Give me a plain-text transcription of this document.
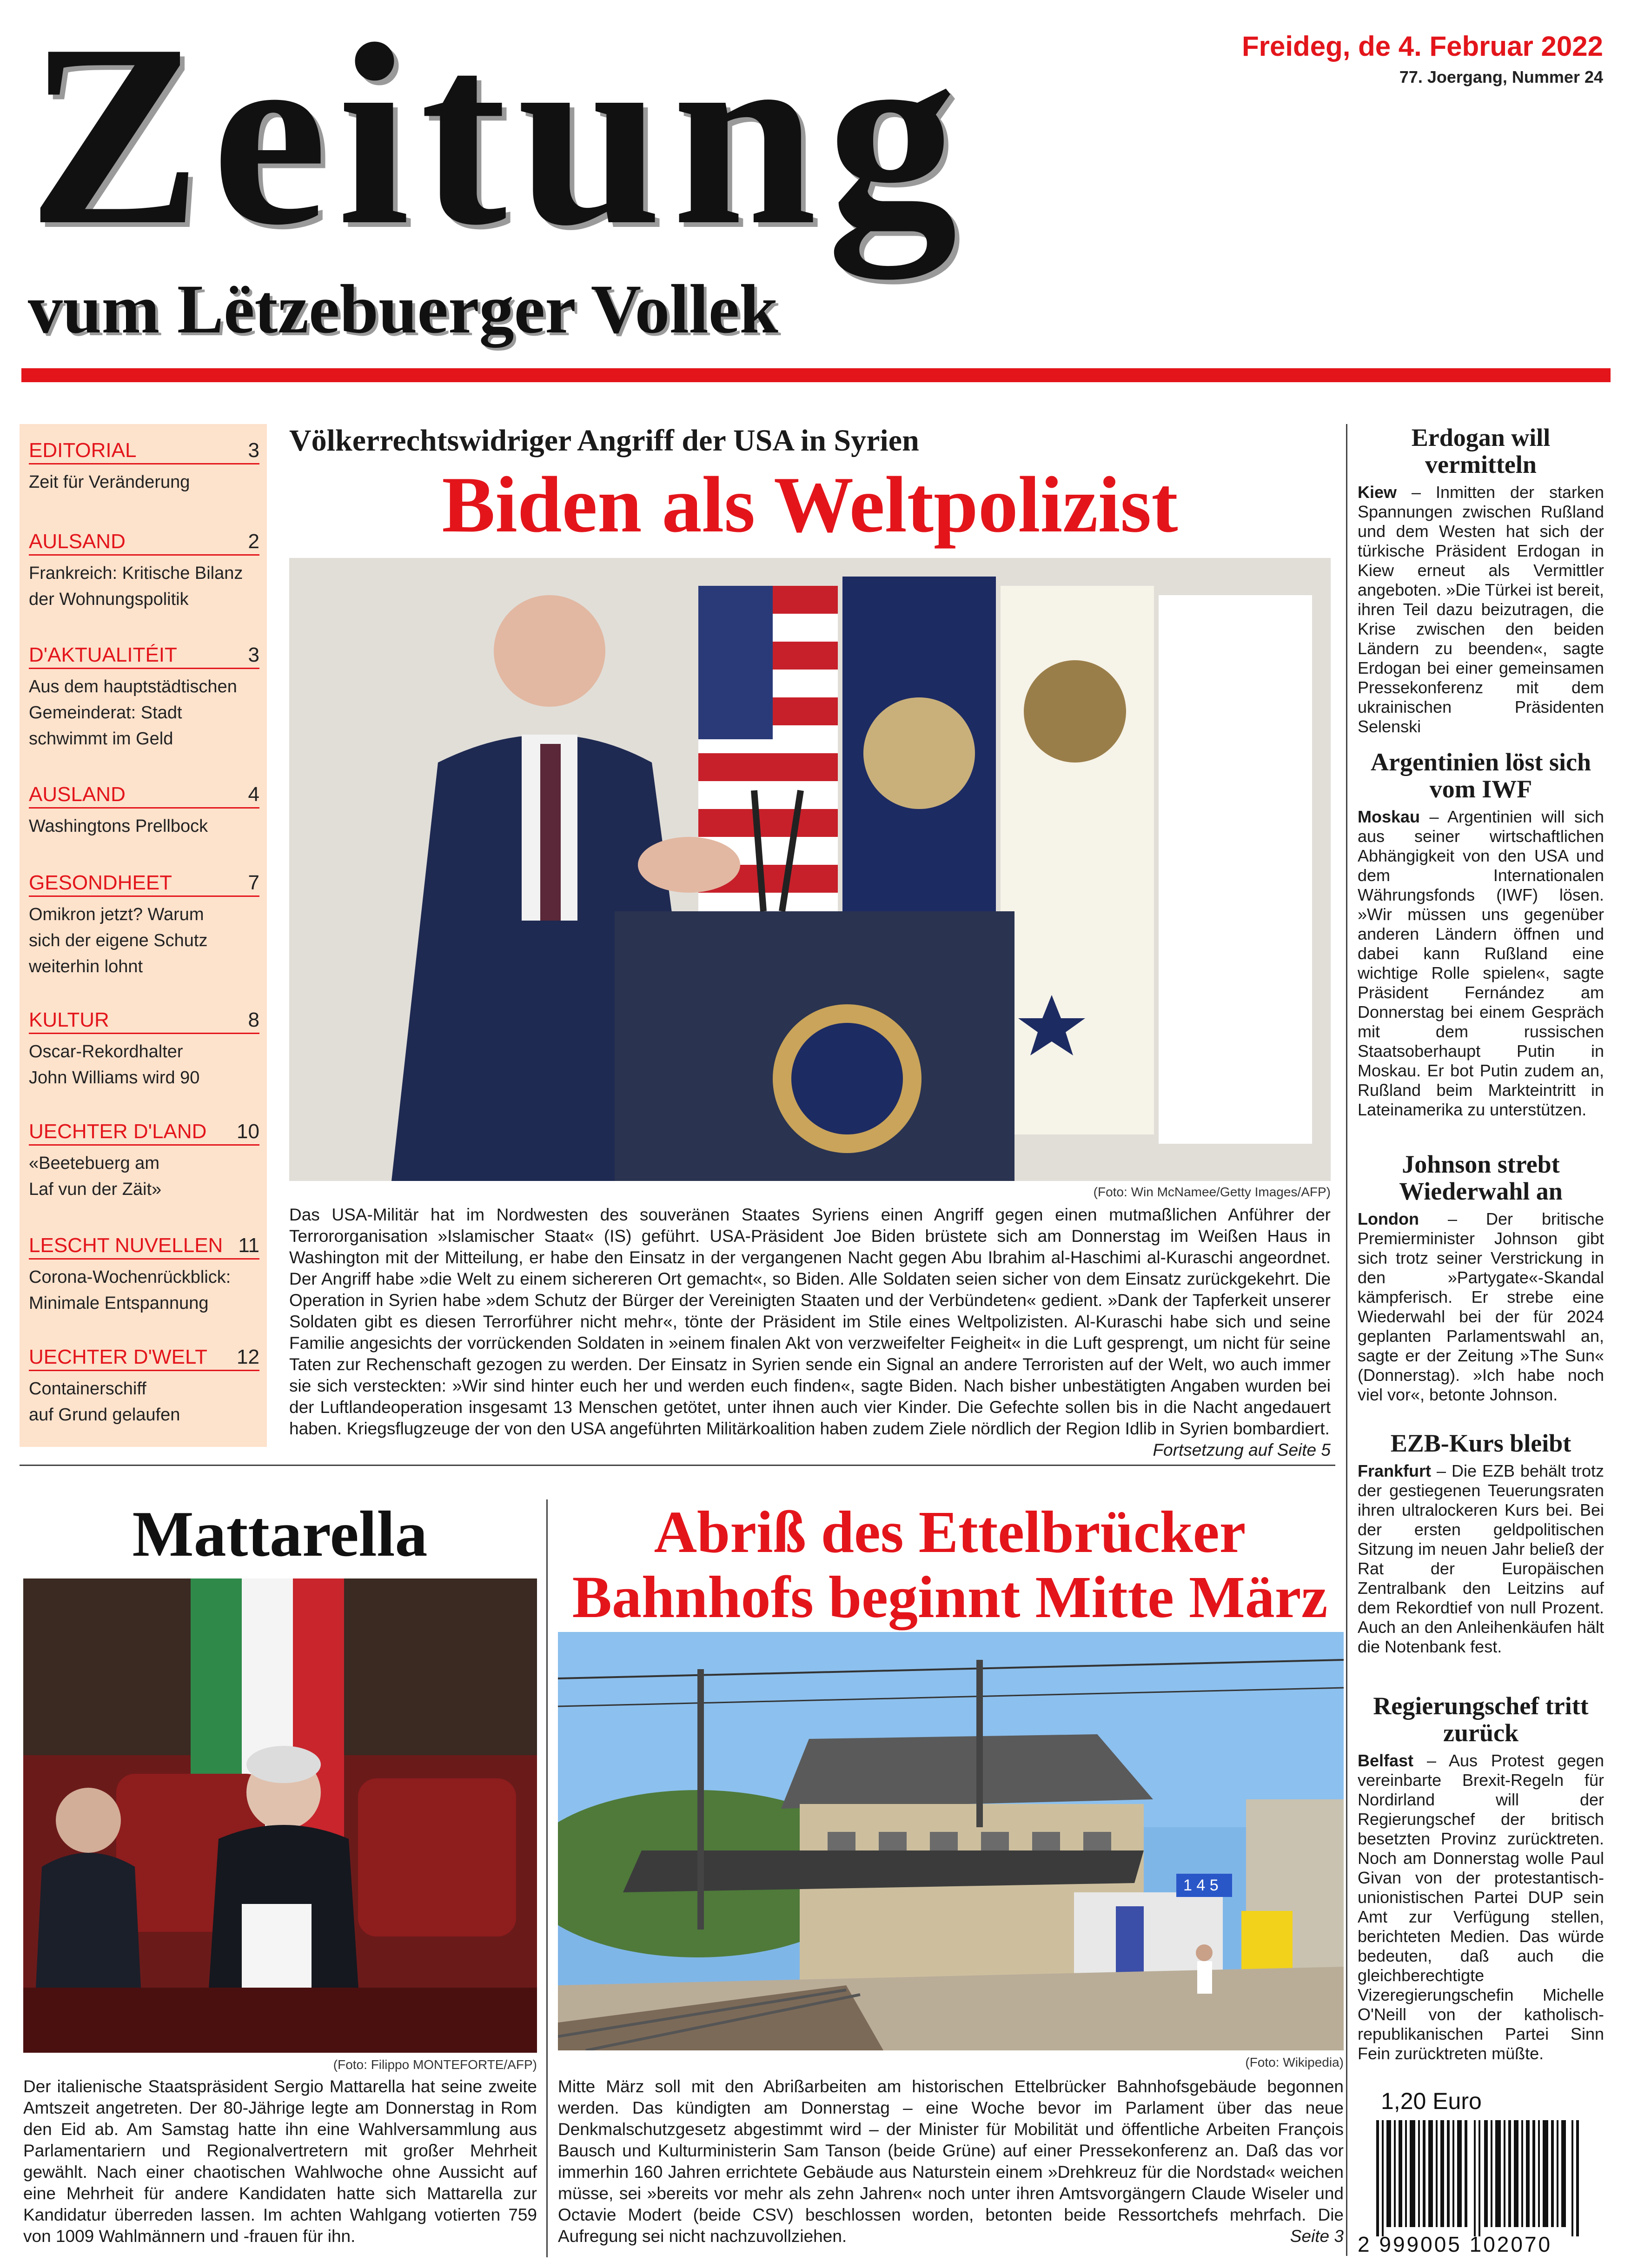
Zeitung
vum Lëtzebuerger Vollek
Freideg, de 4. Februar 2022
77. Joergang, Nummer 24
EDITORIAL	3
Zeit für Veränderung
AULSAND	2
Frankreich: Kritische Bilanz
der Wohnungspolitik
D'AKTUALITÉIT	3
Aus dem hauptstädtischen
Gemeinderat: Stadt
schwimmt im Geld
AUSLAND	4
Washingtons Prellbock
GESONDHEET	7
Omikron jetzt? Warum
sich der eigene Schutz
weiterhin lohnt
KULTUR	8
Oscar-Rekordhalter
John Williams wird 90
UECHTER D'LAND 10
«Beetebuerg am
Laf vun der Zäit»
LESCHT NUVELLEN 11
Corona-Wochenrückblick:
Minimale Entspannung
UECHTER D'WELT 12
Containerschiff
auf Grund gelaufen
Völkerrechtswidriger Angriff der USA in Syrien
Biden als Weltpolizist
(Foto: Win McNamee/Getty Images/AFP)
Das USA-Militär hat im Nordwesten des souveränen Staates Syriens einen Angriff gegen einen mutmaßlichen Anführer der Terrororganisation »Islamischer Staat« (IS) geführt. USA-Präsident Joe Biden brüstete sich am Donnerstag im Weißen Haus in Washington mit der Mitteilung, er habe den Einsatz in der vergangenen Nacht gegen Abu Ibrahim al-Haschimi al-Kuraschi angeordnet. Der Angriff habe »die Welt zu einem sichereren Ort gemacht«, so Biden. Alle Soldaten seien sicher von dem Einsatz zurückgekehrt. Die Operation in Syrien habe »dem Schutz der Bürger der Vereinigten Staaten und der Verbündeten« gedient. »Dank der Tapferkeit unserer Soldaten gibt es diesen Terrorführer nicht mehr«, tönte der Präsident im Stile eines Weltpolizisten. Al-Kuraschi habe sich und seine Familie angesichts der vorrückenden Soldaten in »einem finalen Akt von verzweifelter Feigheit« in die Luft gesprengt, um nicht für seine Taten zur Rechenschaft gezogen zu werden. Der Einsatz in Syrien sende ein Signal an andere Terroristen auf der Welt, wo auch immer sie sich versteckten: »Wir sind hinter euch her und werden euch finden«, sagte Biden. Nach bisher unbestätigten Angaben wurden bei der Luftlandeoperation insgesamt 13 Menschen getötet, unter ihnen auch vier Kinder. Die Gefechte sollen bis in die Nacht angedauert haben. Kriegsflugzeuge der von den USA angeführten Militärkoalition haben zudem Ziele nördlich der Region Idlib in Syrien bombardiert.
Fortsetzung auf Seite 5
Erdogan will vermitteln
Kiew – Inmitten der starken Spannungen zwischen Rußland und dem Westen hat sich der türkische Präsident Erdogan in Kiew erneut als Vermittler angeboten. »Die Türkei ist bereit, ihren Teil dazu beizutragen, die Krise zwischen den beiden Ländern zu beenden«, sagte Erdogan bei einer gemeinsamen Pressekonferenz mit dem ukrainischen Präsidenten Selenski
Argentinien löst sich vom IWF
Moskau – Argentinien will sich aus seiner wirtschaftlichen Abhängigkeit von den USA und dem Internationalen Währungsfonds (IWF) lösen. »Wir müssen uns gegenüber anderen Ländern öffnen und dabei kann Rußland eine wichtige Rolle spielen«, sagte Präsident Fernández am Donnerstag bei einem Gespräch mit dem russischen Staatsoberhaupt Putin in Moskau. Er bot Putin zudem an, Rußland beim Markteintritt in Lateinamerika zu unterstützen.
Johnson strebt Wiederwahl an
London – Der britische Premierminister Johnson gibt sich trotz seiner Verstrickung in den »Partygate«-Skandal kämpferisch. Er strebe eine Wiederwahl bei der für 2024 geplanten Parlamentswahl an, sagte er der Zeitung »The Sun« (Donnerstag). »Ich habe noch viel vor«, betonte Johnson.
EZB-Kurs bleibt
Frankfurt – Die EZB behält trotz der gestiegenen Teuerungsraten ihren ultralockeren Kurs bei. Bei der ersten geldpolitischen Sitzung im neuen Jahr beließ der Rat der Europäischen Zentralbank den Leitzins auf dem Rekordtief von null Prozent. Auch an den Anleihenkäufen hält die Notenbank fest.
Regierungschef tritt zurück
Belfast – Aus Protest gegen vereinbarte Brexit-Regeln für Nordirland will der Regierungschef der britisch besetzten Provinz zurücktreten. Noch am Donnerstag wolle Paul Givan von der protestantisch-unionistischen Partei DUP sein Amt zur Verfügung stellen, berichteten Medien. Das würde bedeuten, daß auch die gleichberechtigte Vizeregierungschefin Michelle O'Neill von der katholisch-republikanischen Partei Sinn Fein zurücktreten müßte.
Mattarella
(Foto: Filippo MONTEFORTE/AFP)
Der italienische Staatspräsident Sergio Mattarella hat seine zweite Amtszeit angetreten. Der 80-Jährige legte am Donnerstag in Rom den Eid ab. Am Samstag hatte ihn eine Wahlversammlung aus Parlamentariern und Regionalvertretern mit großer Mehrheit gewählt. Nach einer chaotischen Wahlwoche ohne Aussicht auf eine Mehrheit für andere Kandidaten hatte sich Mattarella zur Kandidatur überreden lassen. Im achten Wahlgang votierten 759 von 1009 Wahlmännern und -frauen für ihn.
Abriß des Ettelbrücker Bahnhofs beginnt Mitte März
1 4 5
(Foto: Wikipedia)
Mitte März soll mit den Abrißarbeiten am historischen Ettelbrücker Bahnhofsgebäude begonnen werden. Das kündigten am Donnerstag – eine Woche bevor im Parlament über das neue Denkmalschutzgesetz abgestimmt wird – der Minister für Mobilität und öffentliche Arbeiten François Bausch und Kulturministerin Sam Tanson (beide Grüne) auf einer Pressekonferenz an. Daß das vor immerhin 160 Jahren errichtete Gebäude aus Naturstein einem »Drehkreuz für die Nordstad« weichen müsse, sei »bereits vor mehr als zehn Jahren« noch unter ihren Amtsvorgängern Claude Wiseler und Octavie Modert (beide CSV) beschlossen worden, betonten beide Ressortchefs mehrfach. Die Aufregung sei nicht nachzuvollziehen.	Seite 3
1,20 Euro
2 999005 102070
